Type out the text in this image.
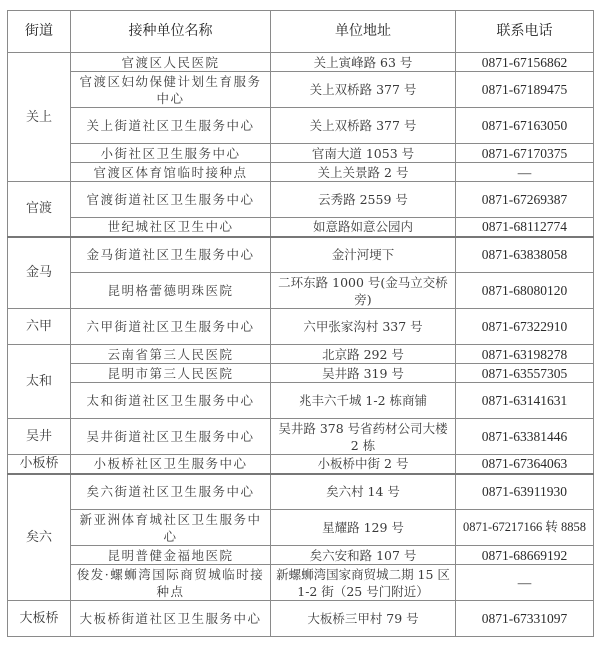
街道	接种单位名称	单位地址	联系电话
关上	官渡区人民医院	关上寅峰路 63 号	0871-67156862
	官渡区妇幼保健计划生育服务中心	关上双桥路 377 号	0871-67189475
	关上街道社区卫生服务中心	关上双桥路 377 号	0871-67163050
	小街社区卫生服务中心	官南大道 1053 号	0871-67170375
	官渡区体育馆临时接种点	关上关景路 2 号	—
官渡	官渡街道社区卫生服务中心	云秀路 2559 号	0871-67269387
	世纪城社区卫生中心	如意路如意公园内	0871-68112774
金马	金马街道社区卫生服务中心	金汁河埂下	0871-63838058
	昆明格蕾德明珠医院	二环东路 1000 号(金马立交桥旁)	0871-68080120
六甲	六甲街道社区卫生服务中心	六甲张家沟村 337 号	0871-67322910
太和	云南省第三人民医院	北京路 292 号	0871-63198278
	昆明市第三人民医院	吴井路 319 号	0871-63557305
	太和街道社区卫生服务中心	兆丰六千城 1-2 栋商铺	0871-63141631
吴井	吴井街道社区卫生服务中心	吴井路 378 号省药材公司大楼 2 栋	0871-63381446
小板桥	小板桥社区卫生服务中心	小板桥中街 2 号	0871-67364063
矣六	矣六街道社区卫生服务中心	矣六村 14 号	0871-63911930
	新亚洲体育城社区卫生服务中心	星耀路 129 号	0871-67217166 转 8858
	昆明普健金福地医院	矣六安和路 107 号	0871-68669192
	俊发·螺蛳湾国际商贸城临时接种点	新螺蛳湾国家商贸城二期 15 区 1-2 街（25 号门附近）	—
大板桥	大板桥街道社区卫生服务中心	大板桥三甲村 79 号	0871-67331097
